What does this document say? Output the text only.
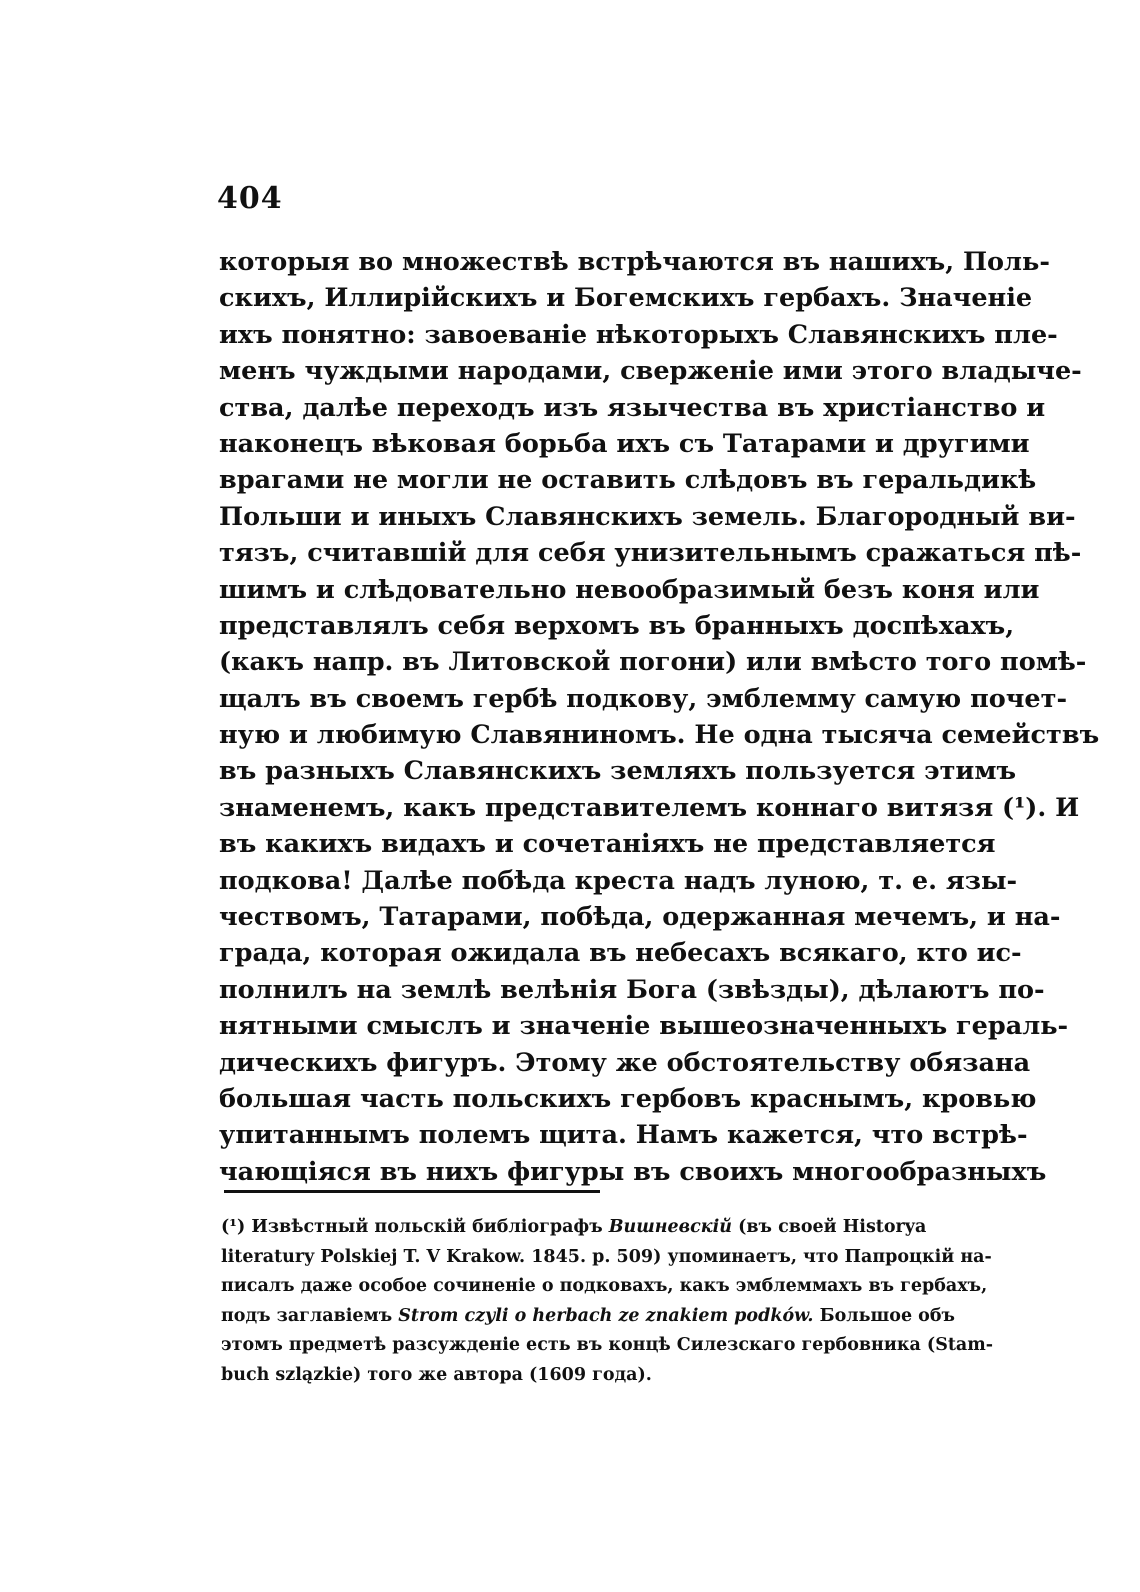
404
которыя во множествѣ встрѣчаются въ нашихъ, Поль-
скихъ, Иллирійскихъ и Богемскихъ гербахъ. Значеніе
ихъ понятно: завоеваніе нѣкоторыхъ Славянскихъ пле-
менъ чуждыми народами, сверженіе ими этого владыче-
ства, далѣе переходъ изъ язычества въ христіанство и
наконецъ вѣковая борьба ихъ съ Татарами и другими
врагами не могли не оставить слѣдовъ въ геральдикѣ
Польши и иныхъ Славянскихъ земель. Благородный ви-
тязъ, считавшій для себя унизительнымъ сражаться пѣ-
шимъ и слѣдовательно невообразимый безъ коня или
представлялъ себя верхомъ въ бранныхъ доспѣхахъ,
(какъ напр. въ Литовской погони) или вмѣсто того помѣ-
щалъ въ своемъ гербѣ подкову, эмблемму самую почет-
ную и любимую Славяниномъ. Не одна тысяча семействъ
въ разныхъ Славянскихъ земляхъ пользуется этимъ
знаменемъ, какъ представителемъ коннаго витязя (¹). И
въ какихъ видахъ и сочетаніяхъ не представляется
подкова! Далѣе побѣда креста надъ луною, т. е. язы-
чествомъ, Татарами, побѣда, одержанная мечемъ, и на-
града, которая ожидала въ небесахъ всякаго, кто ис-
полнилъ на землѣ велѣнія Бога (звѣзды), дѣлаютъ по-
нятными смыслъ и значеніе вышеозначенныхъ гераль-
дическихъ фигуръ. Этому же обстоятельству обязана
большая часть польскихъ гербовъ краснымъ, кровью
упитаннымъ полемъ щита. Намъ кажется, что встрѣ-
чающіяся въ нихъ фигуры въ своихъ многообразныхъ
(¹) Извѣстный польскій библіографъ Вишневскій (въ своей Historya
literatury Polskiej T. V Krakow. 1845. p. 509) упоминаетъ, что Папроцкій на-
писалъ даже особое сочиненіе о подковахъ, какъ эмблеммахъ въ гербахъ,
подъ заглавіемъ Strom czyli o herbach ze znakiem podków. Большое объ
этомъ предметѣ разсужденіе есть въ концѣ Силезскаго гербовника (Stam-
buch szlązkie) того же автора (1609 года).
